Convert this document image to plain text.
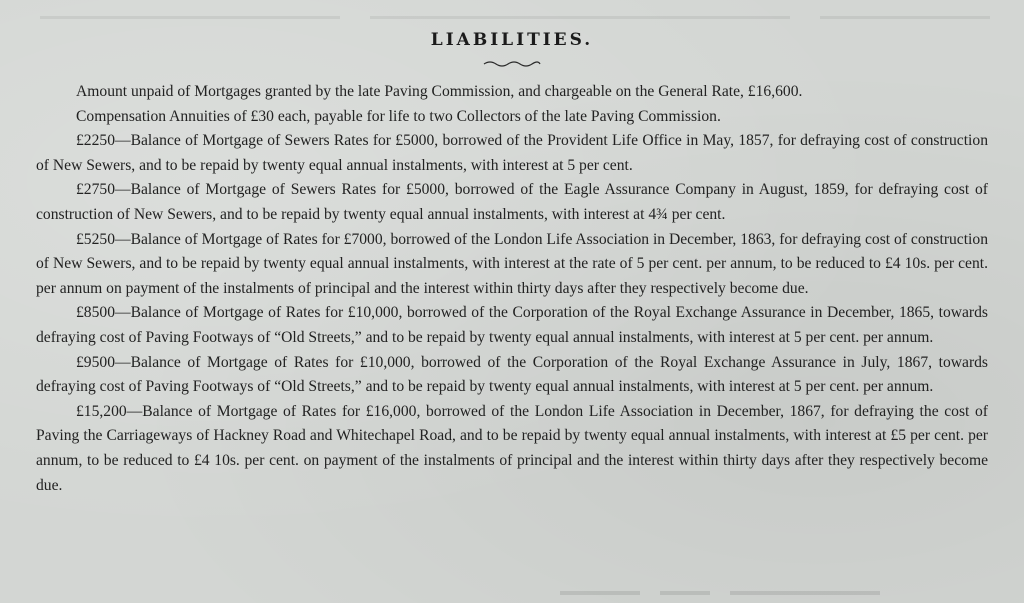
LIABILITIES.

Amount unpaid of Mortgages granted by the late Paving Commission, and chargeable on the General Rate, £16,600.

Compensation Annuities of £30 each, payable for life to two Collectors of the late Paving Commission.

£2250—Balance of Mortgage of Sewers Rates for £5000, borrowed of the Provident Life Office in May, 1857, for defraying cost of construction of New Sewers, and to be repaid by twenty equal annual instalments, with interest at 5 per cent.

£2750—Balance of Mortgage of Sewers Rates for £5000, borrowed of the Eagle Assurance Company in August, 1859, for defraying cost of construction of New Sewers, and to be repaid by twenty equal annual instalments, with interest at 4¾ per cent.

£5250—Balance of Mortgage of Rates for £7000, borrowed of the London Life Association in December, 1863, for defraying cost of construction of New Sewers, and to be repaid by twenty equal annual instalments, with interest at the rate of 5 per cent. per annum, to be reduced to £4 10s. per cent. per annum on payment of the instalments of principal and the interest within thirty days after they respectively become due.

£8500—Balance of Mortgage of Rates for £10,000, borrowed of the Corporation of the Royal Exchange Assurance in December, 1865, towards defraying cost of Paving Footways of “Old Streets,” and to be repaid by twenty equal annual instalments, with interest at 5 per cent. per annum.

£9500—Balance of Mortgage of Rates for £10,000, borrowed of the Corporation of the Royal Exchange Assurance in July, 1867, towards defraying cost of Paving Footways of “Old Streets,” and to be repaid by twenty equal annual instalments, with interest at 5 per cent. per annum.

£15,200—Balance of Mortgage of Rates for £16,000, borrowed of the London Life Association in December, 1867, for defraying the cost of Paving the Carriageways of Hackney Road and Whitechapel Road, and to be repaid by twenty equal annual instalments, with interest at £5 per cent. per annum, to be reduced to £4 10s. per cent. on payment of the instalments of principal and the interest within thirty days after they respectively become due.
